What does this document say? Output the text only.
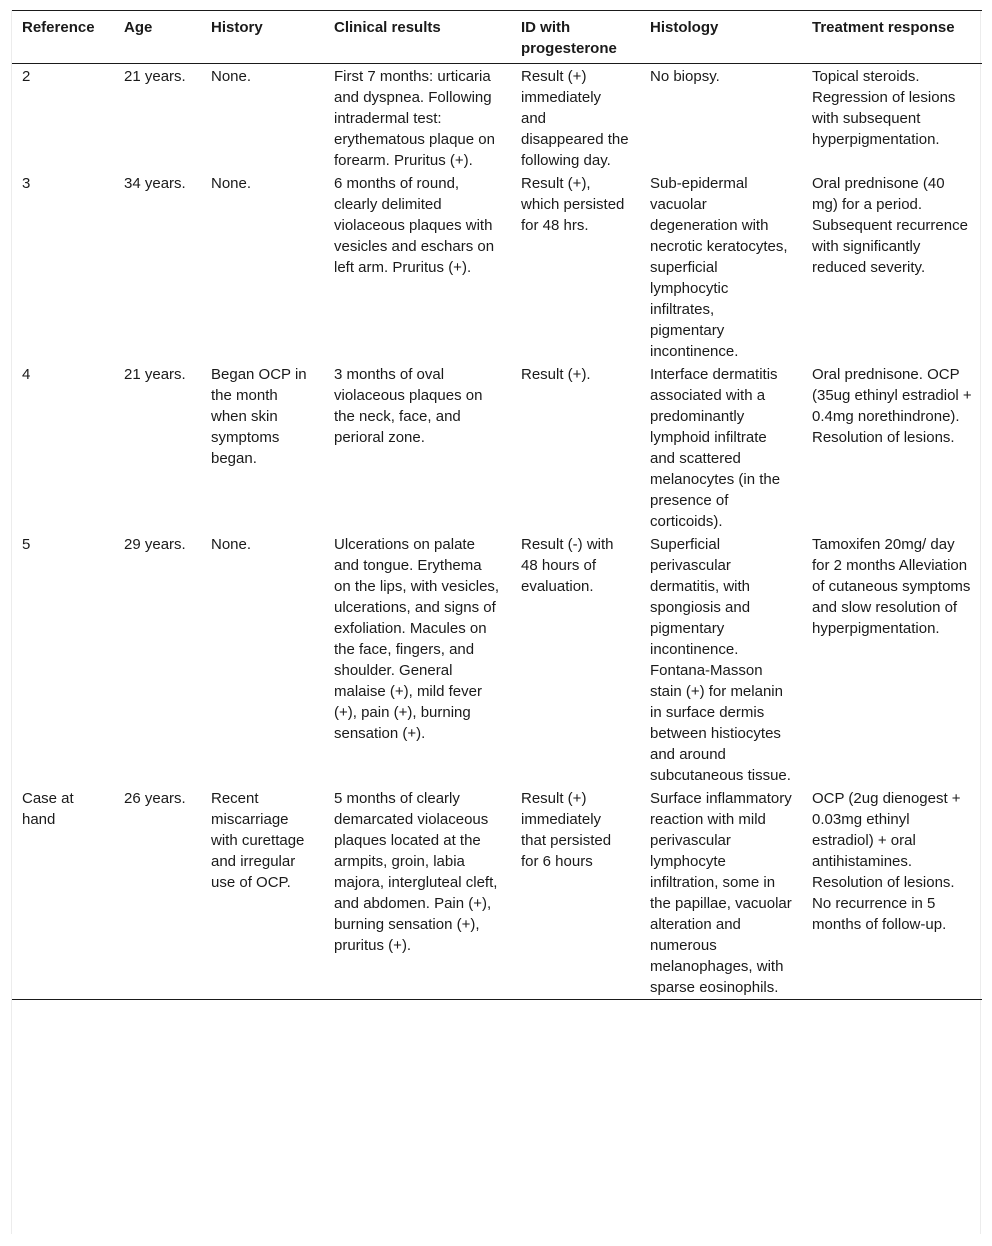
Reference	Age	History	Clinical results	ID with progesterone	Histology	Treatment response
2	21 years.	None.	First 7 months: urticaria and dyspnea. Following intradermal test: erythematous plaque on forearm. Pruritus (+).	Result (+) immediately and disappeared the following day.	No biopsy.	Topical steroids. Regression of lesions with subsequent hyperpigmentation.
3	34 years.	None.	6 months of round, clearly delimited violaceous plaques with vesicles and eschars on left arm. Pruritus (+).	Result (+), which persisted for 48 hrs.	Sub-epidermal vacuolar degeneration with necrotic keratocytes, superficial lymphocytic infiltrates, pigmentary incontinence.	Oral prednisone (40 mg) for a period. Subsequent recurrence with significantly reduced severity.
4	21 years.	Began OCP in the month when skin symptoms began.	3 months of oval violaceous plaques on the neck, face, and perioral zone.	Result (+).	Interface dermatitis associated with a predominantly lymphoid infiltrate and scattered melanocytes (in the presence of corticoids).	Oral prednisone. OCP (35ug ethinyl estradiol + 0.4mg norethindrone). Resolution of lesions.
5	29 years.	None.	Ulcerations on palate and tongue. Erythema on the lips, with vesicles, ulcerations, and signs of exfoliation. Macules on the face, fingers, and shoulder. General malaise (+), mild fever (+), pain (+), burning sensation (+).	Result (-) with 48 hours of evaluation.	Superficial perivascular dermatitis, with spongiosis and pigmentary incontinence. Fontana-Masson stain (+) for melanin in surface dermis between histiocytes and around subcutaneous tissue.	Tamoxifen 20mg/ day for 2 months Alleviation of cutaneous symptoms and slow resolution of hyperpigmentation.
Case at hand	26 years.	Recent miscarriage with curettage and irregular use of OCP.	5 months of clearly demarcated violaceous plaques located at the armpits, groin, labia majora, intergluteal cleft, and abdomen. Pain (+), burning sensation (+), pruritus (+).	Result (+) immediately that persisted for 6 hours	Surface inflammatory reaction with mild perivascular lymphocyte infiltration, some in the papillae, vacuolar alteration and numerous melanophages, with sparse eosinophils.	OCP (2ug dienogest + 0.03mg ethinyl estradiol) + oral antihistamines. Resolution of lesions. No recurrence in 5 months of follow-up.
